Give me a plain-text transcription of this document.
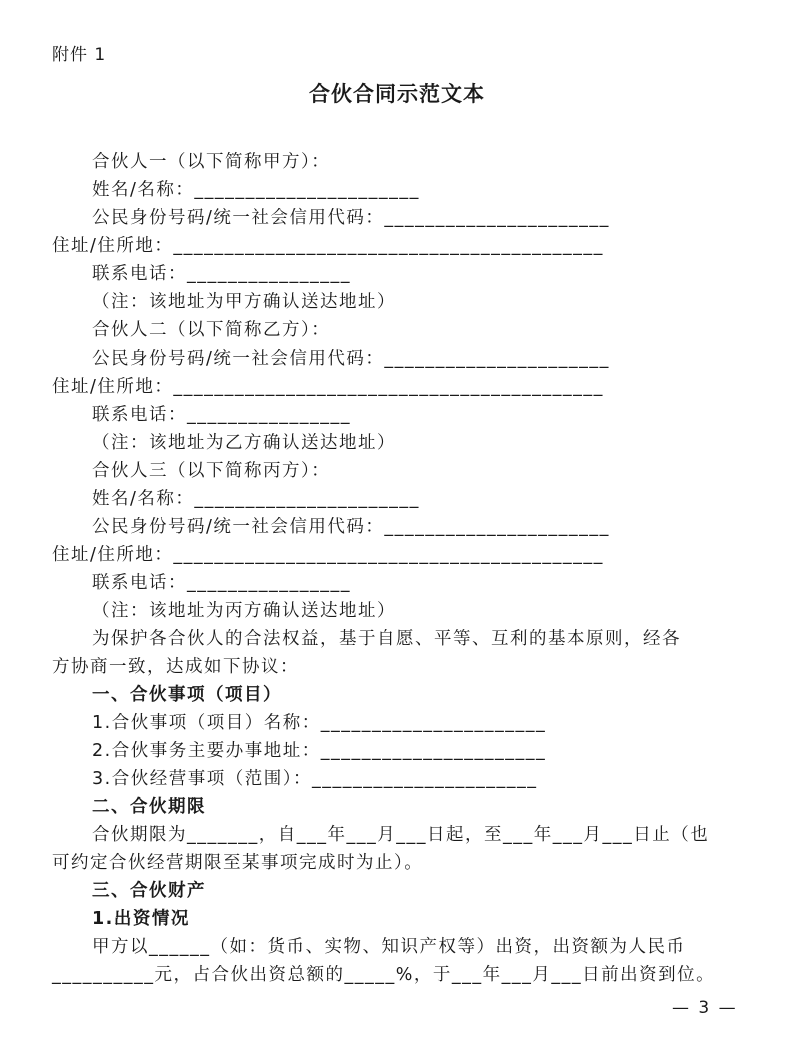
附件 1
合伙合同示范文本
合伙人一（以下简称甲方）：
姓名/名称：______________________
公民身份号码/统一社会信用代码：______________________
住址/住所地：__________________________________________
联系电话：________________
（注：该地址为甲方确认送达地址）
合伙人二（以下简称乙方）：
公民身份号码/统一社会信用代码：______________________
住址/住所地：__________________________________________
联系电话：________________
（注：该地址为乙方确认送达地址）
合伙人三（以下简称丙方）：
姓名/名称：______________________
公民身份号码/统一社会信用代码：______________________
住址/住所地：__________________________________________
联系电话：________________
（注：该地址为丙方确认送达地址）
为保护各合伙人的合法权益，基于自愿、平等、互利的基本原则，经各
方协商一致，达成如下协议：
一、合伙事项（项目）
1.合伙事项（项目）名称：______________________
2.合伙事务主要办事地址：______________________
3.合伙经营事项（范围）：______________________
二、合伙期限
合伙期限为_______，自___年___月___日起，至___年___月___日止（也
可约定合伙经营期限至某事项完成时为止）。
三、合伙财产
1.出资情况
甲方以______（如：货币、实物、知识产权等）出资，出资额为人民币
__________元，占合伙出资总额的_____%，于___年___月___日前出资到位。
— 3 —
